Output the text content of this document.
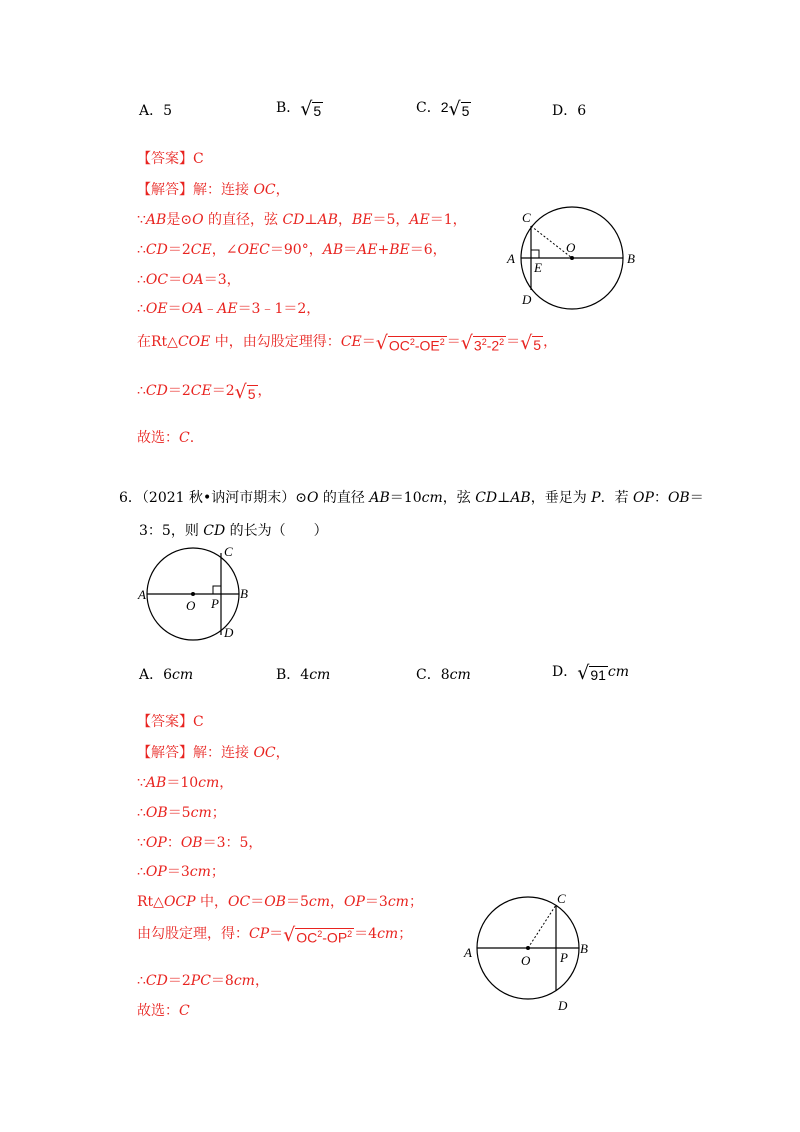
A．5	B． √ 5	C．2 √ 5	D．6
【答案】C
【解答】解：连接 OC，
∵AB是⊙O 的直径，弦 CD⊥AB，BE＝5，AE＝1，
∴CD＝2CE，∠OEC＝90°，AB＝AE+BE＝6，
∴OC＝OA＝3，
∴OE＝OA﹣AE＝3﹣1＝2，
在Rt△COE 中，由勾股定理得：CE＝ √ $OC^2-OE^2$ ＝ √ $3^2-2^2$ ＝ √ 5 ，
∴CD＝2CE＝2 √ 5 ，
故选：C.
A	B
C
D
E
O
6．（2021 秋•讷河市期末）⊙O 的直径 AB＝10cm，弦 CD⊥AB，垂足为 P．若 OP：OB＝
3：5，则 CD 的长为（　　）
A	B
C
D
P
O
A．6cm	B．4cm	C．8cm	D． √ 91 cm
【答案】C
【解答】解：连接 OC，
∵AB＝10cm，
∴OB＝5cm；
∵OP：OB＝3：5，
∴OP＝3cm；
Rt△OCP 中，OC＝OB＝5cm，OP＝3cm；
由勾股定理，得：CP＝ √ $OC^2-OP^2 =4cm$；
∴CD＝2PC＝8cm，
故选：C
A	B
C
D
P
O
